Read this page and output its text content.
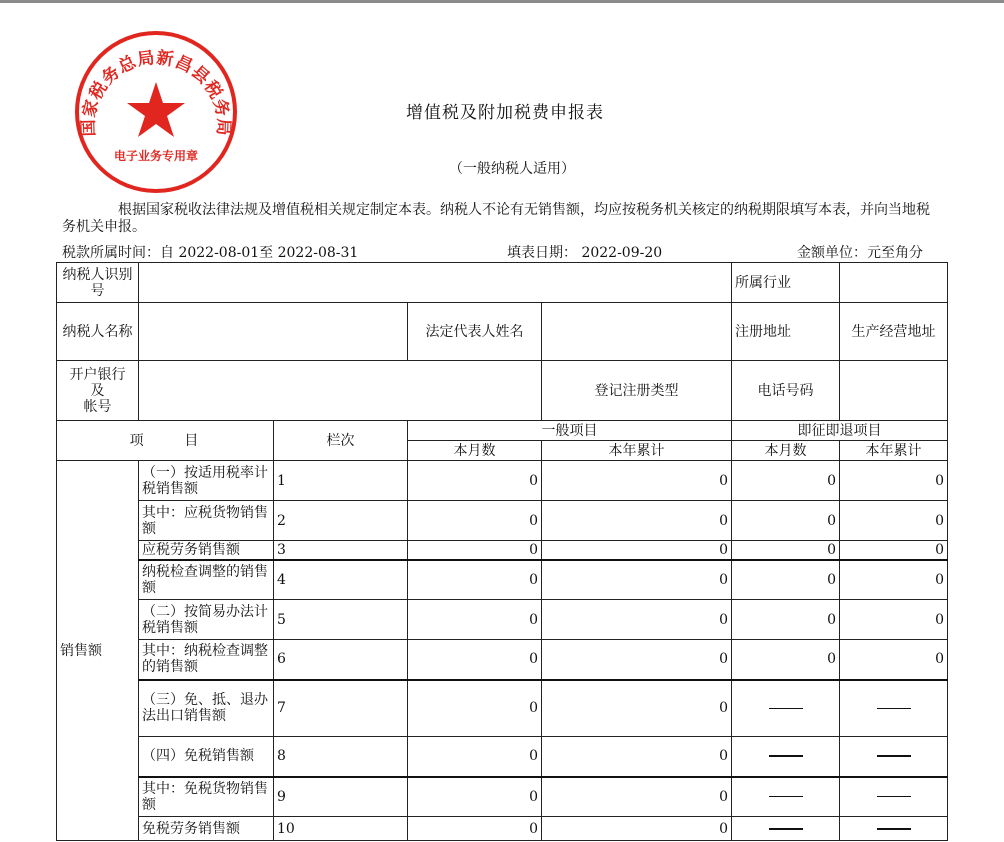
国家税务总局新昌县税务局
电子业务专用章
增值税及附加税费申报表
（一般纳税人适用）
根据国家税收法律法规及增值税相关规定制定本表。纳税人不论有无销售额，均应按税务机关核定的纳税期限填写本表，并向当地税务机关申报。
税款所属时间：自 2022-08-01至 2022-08-31	填表日期： 2022-09-20	金额单位：元至角分
纳税人识别号					所属行业	
纳税人名称			法定代表人姓名		注册地址	生产经营地址

开户银行
及
帐号				登记注册类型	电话号码	
项 目		栏次	一般项目		即征即退项目	
			本月数	本年累计	本月数	本年累计
销售额	（一）按适用税率计税销售额	1	0	0	0	0
	其中：应税货物销售额	2	0	0	0	0
	应税劳务销售额	3	0	0	0	0
	纳税检查调整的销售额	4	0	0	0	0
	（二）按简易办法计税销售额	5	0	0	0	0
	其中：纳税检查调整的销售额	6	0	0	0	0
	（三）免、抵、退办法出口销售额	7	0	0		
	（四）免税销售额	8	0	0		
	其中：免税货物销售额	9	0	0		
	免税劳务销售额	10	0	0		
